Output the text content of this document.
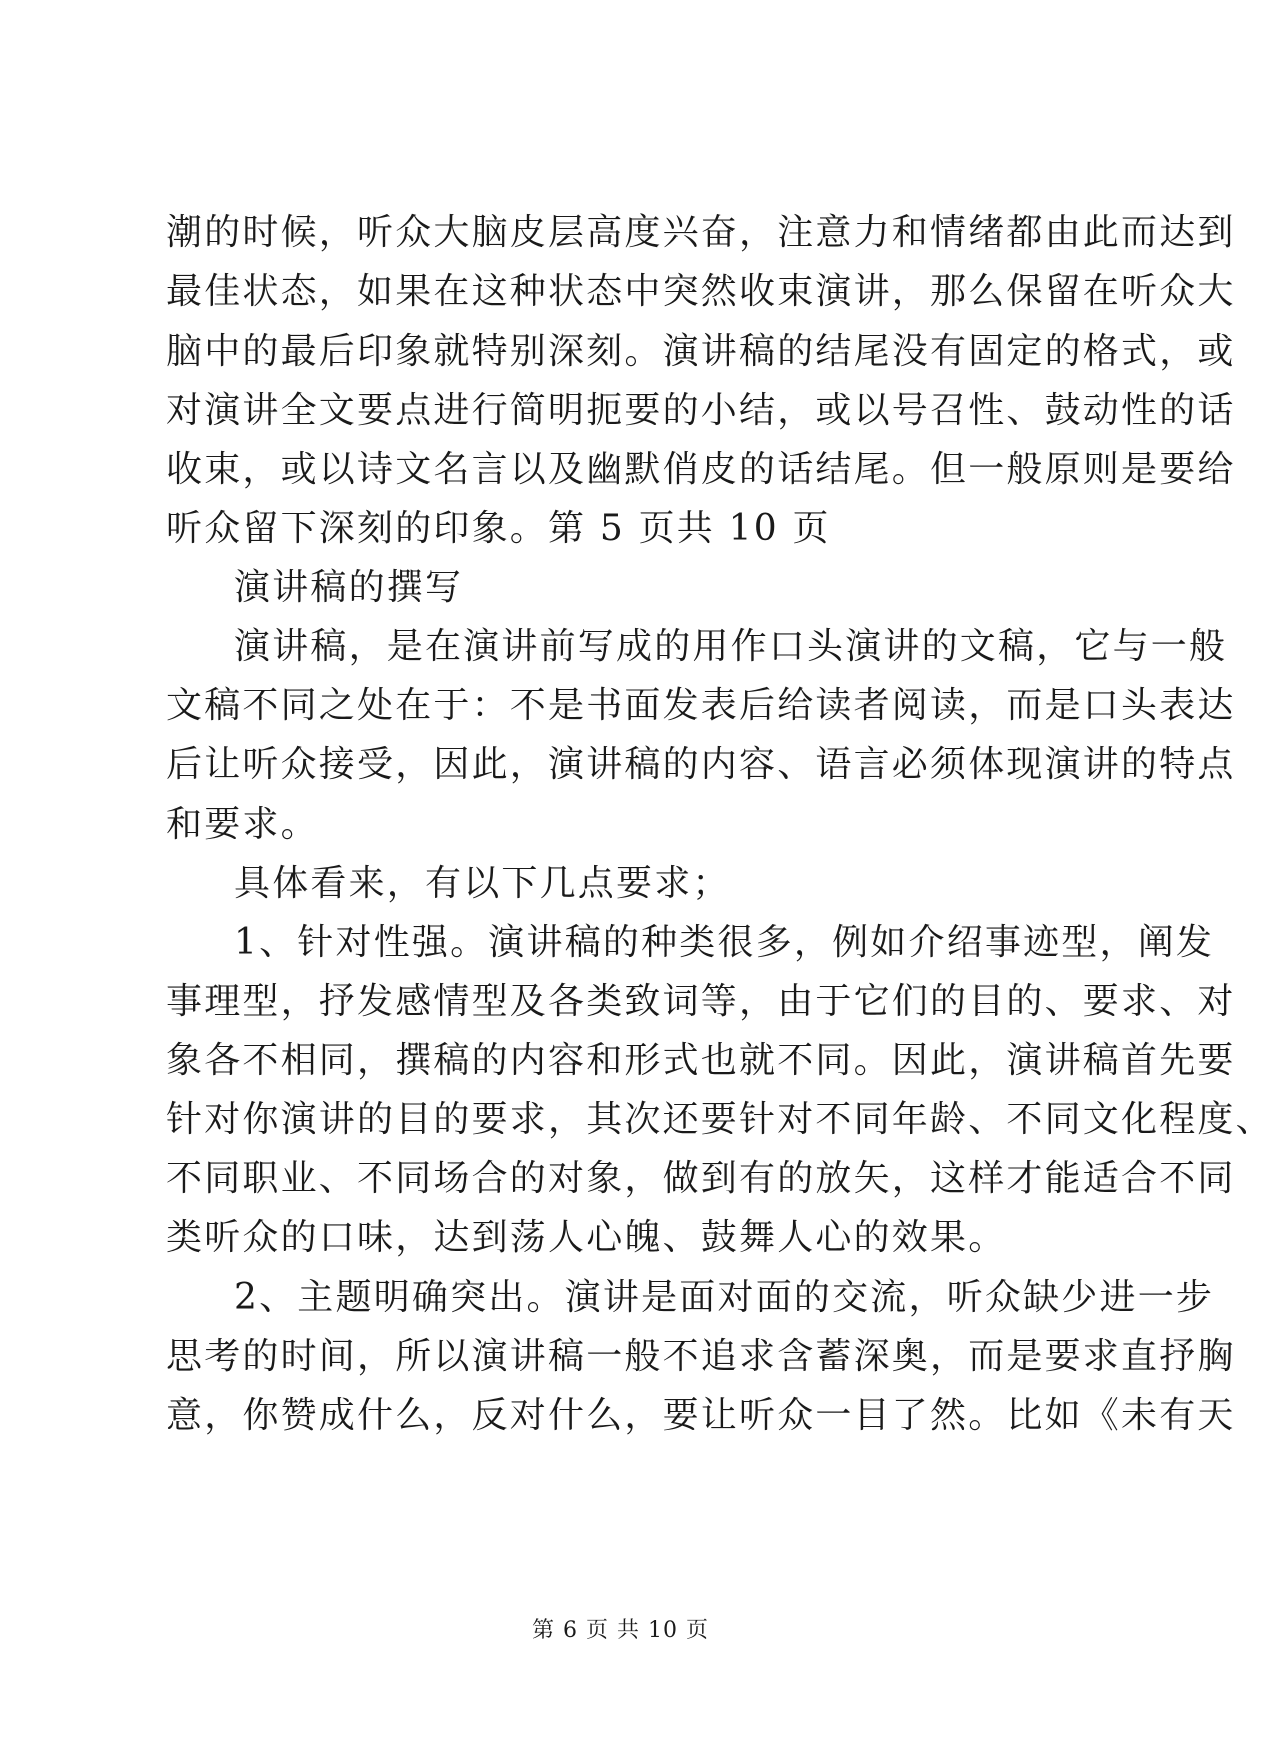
潮的时候，听众大脑皮层高度兴奋，注意力和情绪都由此而达到
最佳状态，如果在这种状态中突然收束演讲，那么保留在听众大
脑中的最后印象就特别深刻。演讲稿的结尾没有固定的格式，或
对演讲全文要点进行简明扼要的小结，或以号召性、鼓动性的话
收束，或以诗文名言以及幽默俏皮的话结尾。但一般原则是要给
听众留下深刻的印象。第 5 页共 10 页
演讲稿的撰写
演讲稿，是在演讲前写成的用作口头演讲的文稿，它与一般
文稿不同之处在于：不是书面发表后给读者阅读，而是口头表达
后让听众接受，因此，演讲稿的内容、语言必须体现演讲的特点
和要求。
具体看来，有以下几点要求；
1、针对性强。演讲稿的种类很多，例如介绍事迹型，阐发
事理型，抒发感情型及各类致词等，由于它们的目的、要求、对
象各不相同，撰稿的内容和形式也就不同。因此，演讲稿首先要
针对你演讲的目的要求，其次还要针对不同年龄、不同文化程度、
不同职业、不同场合的对象，做到有的放矢，这样才能适合不同
类听众的口味，达到荡人心魄、鼓舞人心的效果。
2、主题明确突出。演讲是面对面的交流，听众缺少进一步
思考的时间，所以演讲稿一般不追求含蓄深奥，而是要求直抒胸
意，你赞成什么，反对什么，要让听众一目了然。比如《未有天
第 6 页 共 10 页
